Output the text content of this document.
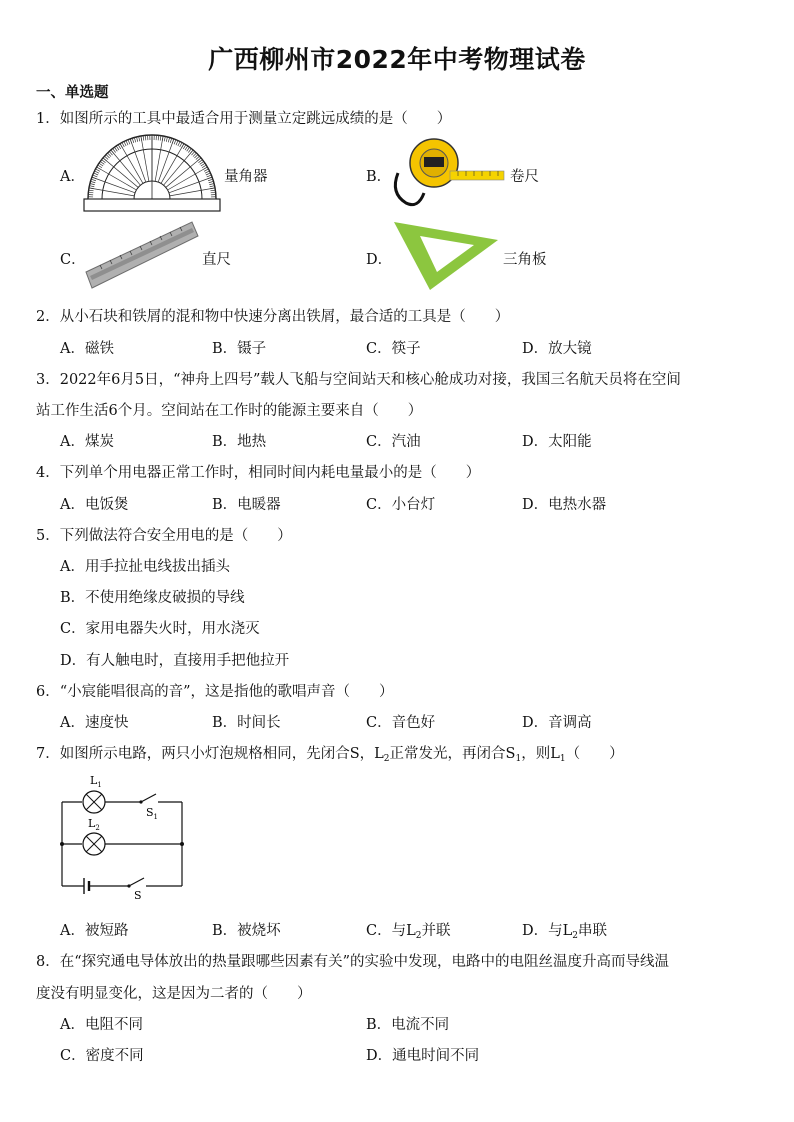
广西柳州市2022年中考物理试卷
一、单选题
1．如图所示的工具中最适合用于测量立定跳远成绩的是（　　）
A．	量角器	B．	卷尺
C．	直尺	D．	三角板
2．从小石块和铁屑的混和物中快速分离出铁屑，最合适的工具是（　　）
A．磁铁	B．镊子	C．筷子	D．放大镜
3．2022年6月5日，“神舟上四号”载人飞船与空间站天和核心舱成功对接，我国三名航天员将在空间
站工作生活6个月。空间站在工作时的能源主要来自（　　）
A．煤炭	B．地热	C．汽油	D．太阳能
4．下列单个用电器正常工作时，相同时间内耗电量最小的是（　　）
A．电饭煲	B．电暖器	C．小台灯	D．电热水器
5．下列做法符合安全用电的是（　　）
A．用手拉扯电线拔出插头
B．不使用绝缘皮破损的导线
C．家用电器失火时，用水浇灭
D．有人触电时，直接用手把他拉开
6．“小宸能唱很高的音”，这是指他的歌唱声音（　　）
A．速度快	B．时间长	C．音色好	D．音调高
7．如图所示电路，两只小灯泡规格相同，先闭合S，$L_2$正常发光，再闭合$S_1$，则$L_1$（　　）
$L_1$
$S_1$
$L_2$
S
A．被短路	B．被烧坏	C．与$L_2$并联	D．与$L_2$串联
8．在“探究通电导体放出的热量跟哪些因素有关”的实验中发现，电路中的电阻丝温度升高而导线温
度没有明显变化，这是因为二者的（　　）
A．电阻不同	B．电流不同
C．密度不同	D．通电时间不同
